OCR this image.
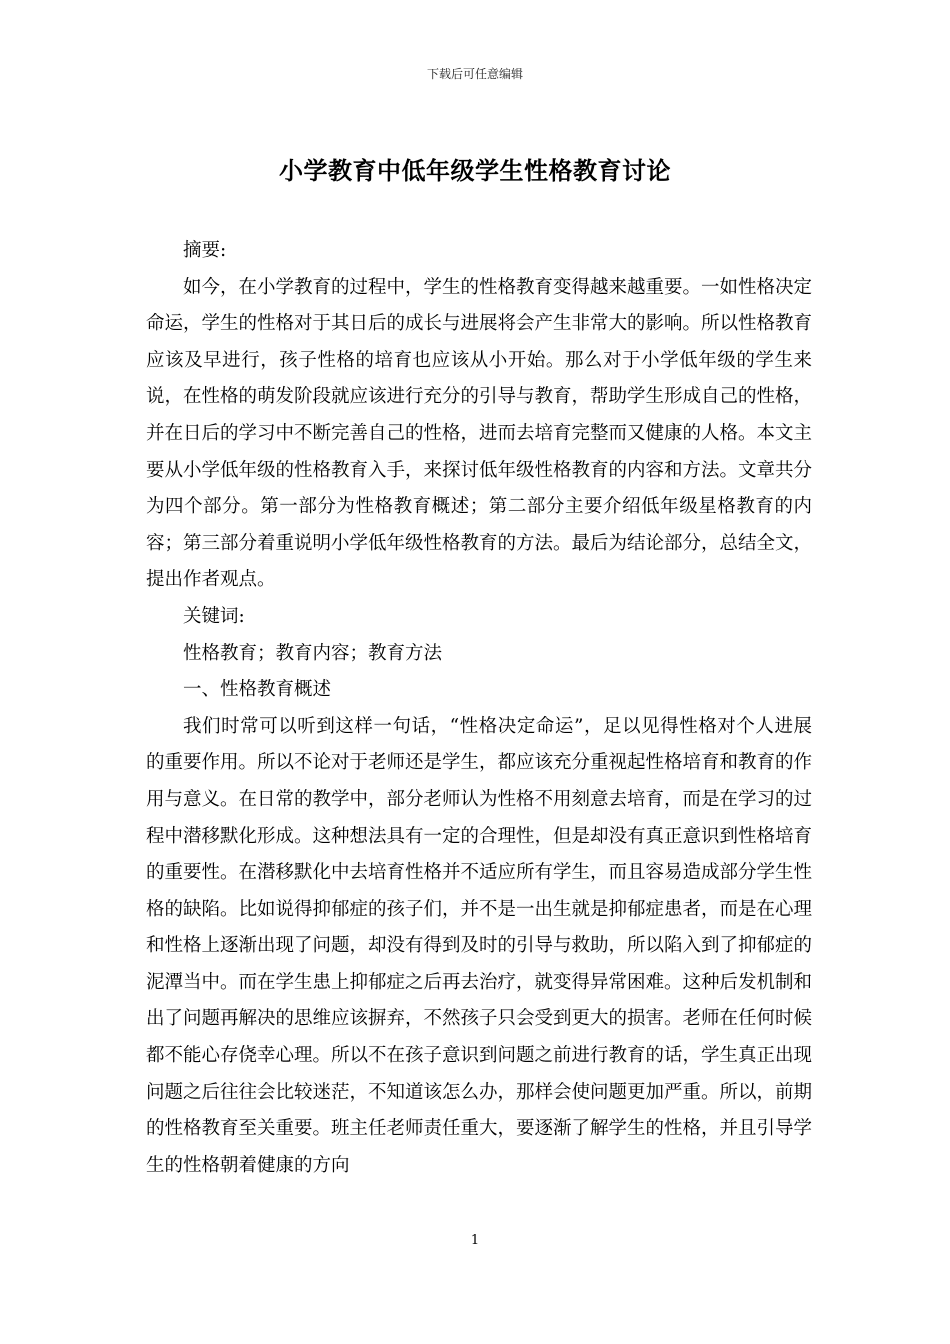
下载后可任意编辑
小学教育中低年级学生性格教育讨论

摘要:

如今，在小学教育的过程中，学生的性格教育变得越来越重要。一如性格决定命运，学生的性格对于其日后的成长与进展将会产生非常大的影响。所以性格教育应该及早进行，孩子性格的培育也应该从小开始。那么对于小学低年级的学生来说，在性格的萌发阶段就应该进行充分的引导与教育，帮助学生形成自己的性格，并在日后的学习中不断完善自己的性格，进而去培育完整而又健康的人格。本文主要从小学低年级的性格教育入手，来探讨低年级性格教育的内容和方法。文章共分为四个部分。第一部分为性格教育概述；第二部分主要介绍低年级星格教育的内容；第三部分着重说明小学低年级性格教育的方法。最后为结论部分，总结全文，提出作者观点。

关键词:

性格教育；教育内容；教育方法

一、性格教育概述

我们时常可以听到这样一句话，“性格决定命运”，足以见得性格对个人进展的重要作用。所以不论对于老师还是学生，都应该充分重视起性格培育和教育的作用与意义。在日常的教学中，部分老师认为性格不用刻意去培育，而是在学习的过程中潜移默化形成。这种想法具有一定的合理性，但是却没有真正意识到性格培育的重要性。在潜移默化中去培育性格并不适应所有学生，而且容易造成部分学生性格的缺陷。比如说得抑郁症的孩子们，并不是一出生就是抑郁症患者，而是在心理和性格上逐渐出现了问题，却没有得到及时的引导与救助，所以陷入到了抑郁症的泥潭当中。而在学生患上抑郁症之后再去治疗，就变得异常困难。这种后发机制和出了问题再解决的思维应该摒弃，不然孩子只会受到更大的损害。老师在任何时候都不能心存侥幸心理。所以不在孩子意识到问题之前进行教育的话，学生真正出现问题之后往往会比较迷茫，不知道该怎么办，那样会使问题更加严重。所以，前期的性格教育至关重要。班主任老师责任重大，要逐渐了解学生的性格，并且引导学生的性格朝着健康的方向

1
